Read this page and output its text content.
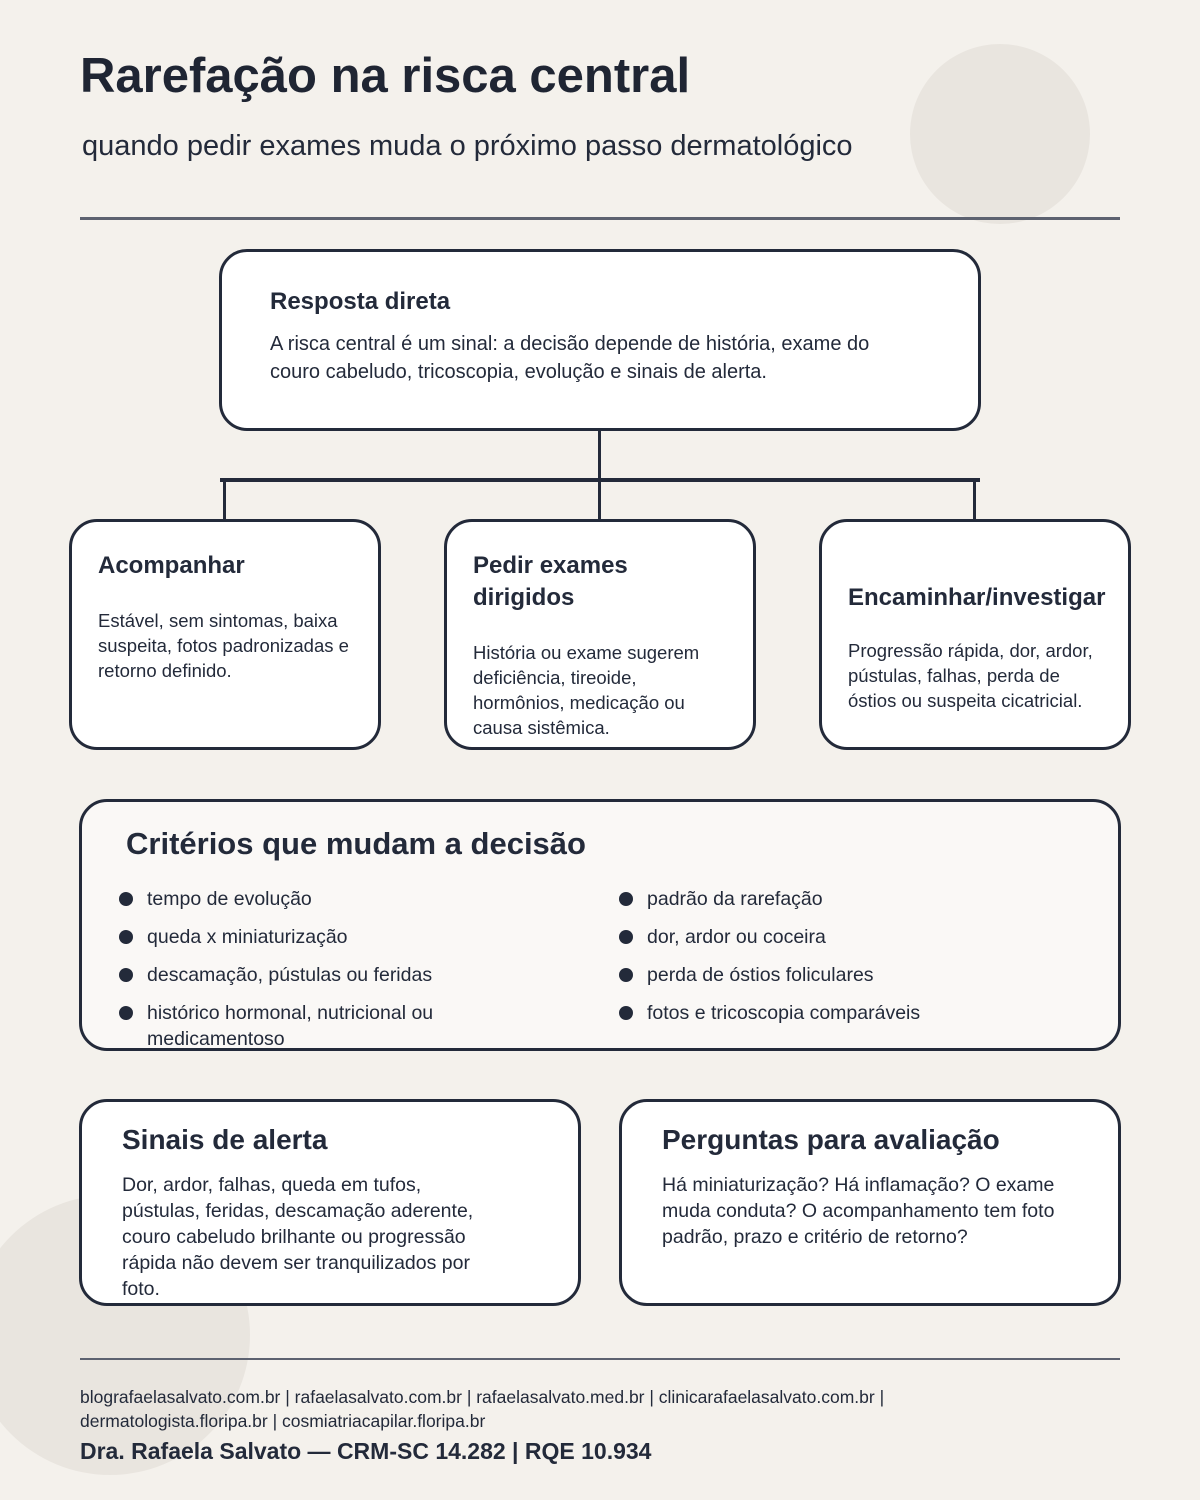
Rarefação na risca central
quando pedir exames muda o próximo passo dermatológico
Resposta direta

A risca central é um sinal: a decisão depende de história, exame do couro cabeludo, tricoscopia, evolução e sinais de alerta.

Acompanhar

Estável, sem sintomas, baixa suspeita, fotos padronizadas e retorno definido.

Pedir exames dirigidos

História ou exame sugerem deficiência, tireoide, hormônios, medicação ou causa sistêmica.

Encaminhar/investigar

Progressão rápida, dor, ardor, pústulas, falhas, perda de óstios ou suspeita cicatricial.

Critérios que mudam a decisão
tempo de evolução
queda x miniaturização
descamação, pústulas ou feridas
histórico hormonal, nutricional ou medicamentoso
padrão da rarefação
dor, ardor ou coceira
perda de óstios foliculares
fotos e tricoscopia comparáveis
Sinais de alerta

Dor, ardor, falhas, queda em tufos, pústulas, feridas, descamação aderente, couro cabeludo brilhante ou progressão rápida não devem ser tranquilizados por foto.

Perguntas para avaliação

Há miniaturização? Há inflamação? O exame muda conduta? O acompanhamento tem foto padrão, prazo e critério de retorno?

blografaelasalvato.com.br | rafaelasalvato.com.br | rafaelasalvato.med.br | clinicarafaelasalvato.com.br | dermatologista.floripa.br | cosmiatriacapilar.floripa.br
Dra. Rafaela Salvato — CRM-SC 14.282 | RQE 10.934
